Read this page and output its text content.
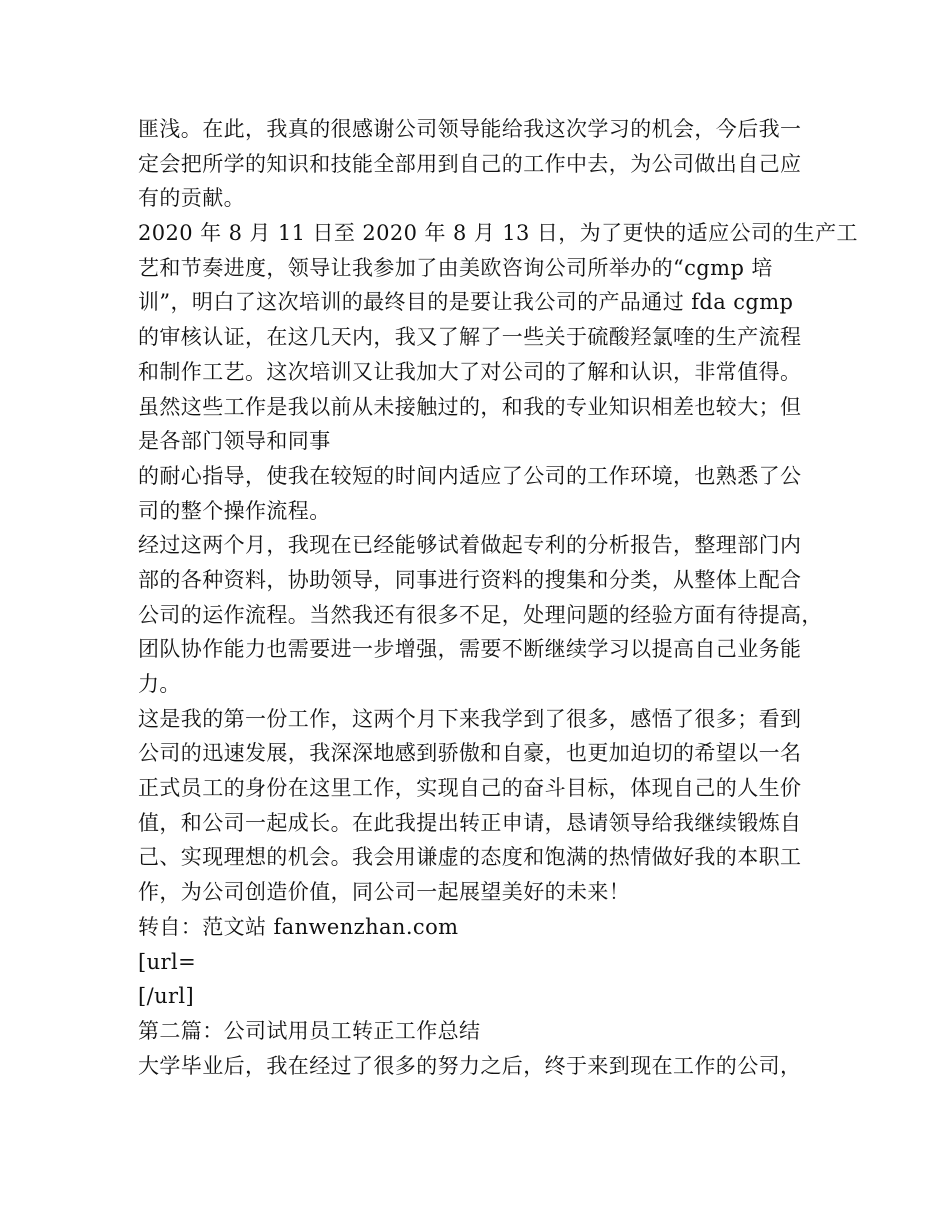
匪浅。在此，我真的很感谢公司领导能给我这次学习的机会，今后我一
定会把所学的知识和技能全部用到自己的工作中去，为公司做出自己应
有的贡献。
2020 年 8 月 11 日至 2020 年 8 月 13 日，为了更快的适应公司的生产工
艺和节奏进度，领导让我参加了由美欧咨询公司所举办的“cgmp 培
训”，明白了这次培训的最终目的是要让我公司的产品通过 fda cgmp
的审核认证，在这几天内，我又了解了一些关于硫酸羟氯喹的生产流程
和制作工艺。这次培训又让我加大了对公司的了解和认识，非常值得。
虽然这些工作是我以前从未接触过的，和我的专业知识相差也较大；但
是各部门领导和同事
的耐心指导，使我在较短的时间内适应了公司的工作环境，也熟悉了公
司的整个操作流程。
经过这两个月，我现在已经能够试着做起专利的分析报告，整理部门内
部的各种资料，协助领导，同事进行资料的搜集和分类，从整体上配合
公司的运作流程。当然我还有很多不足，处理问题的经验方面有待提高，
团队协作能力也需要进一步增强，需要不断继续学习以提高自己业务能
力。
这是我的第一份工作，这两个月下来我学到了很多，感悟了很多；看到
公司的迅速发展，我深深地感到骄傲和自豪，也更加迫切的希望以一名
正式员工的身份在这里工作，实现自己的奋斗目标，体现自己的人生价
值，和公司一起成长。在此我提出转正申请，恳请领导给我继续锻炼自
己、实现理想的机会。我会用谦虚的态度和饱满的热情做好我的本职工
作，为公司创造价值，同公司一起展望美好的未来！
转自：范文站 fanwenzhan.com
[url=
[/url]
第二篇：公司试用员工转正工作总结
大学毕业后，我在经过了很多的努力之后，终于来到现在工作的公司，
